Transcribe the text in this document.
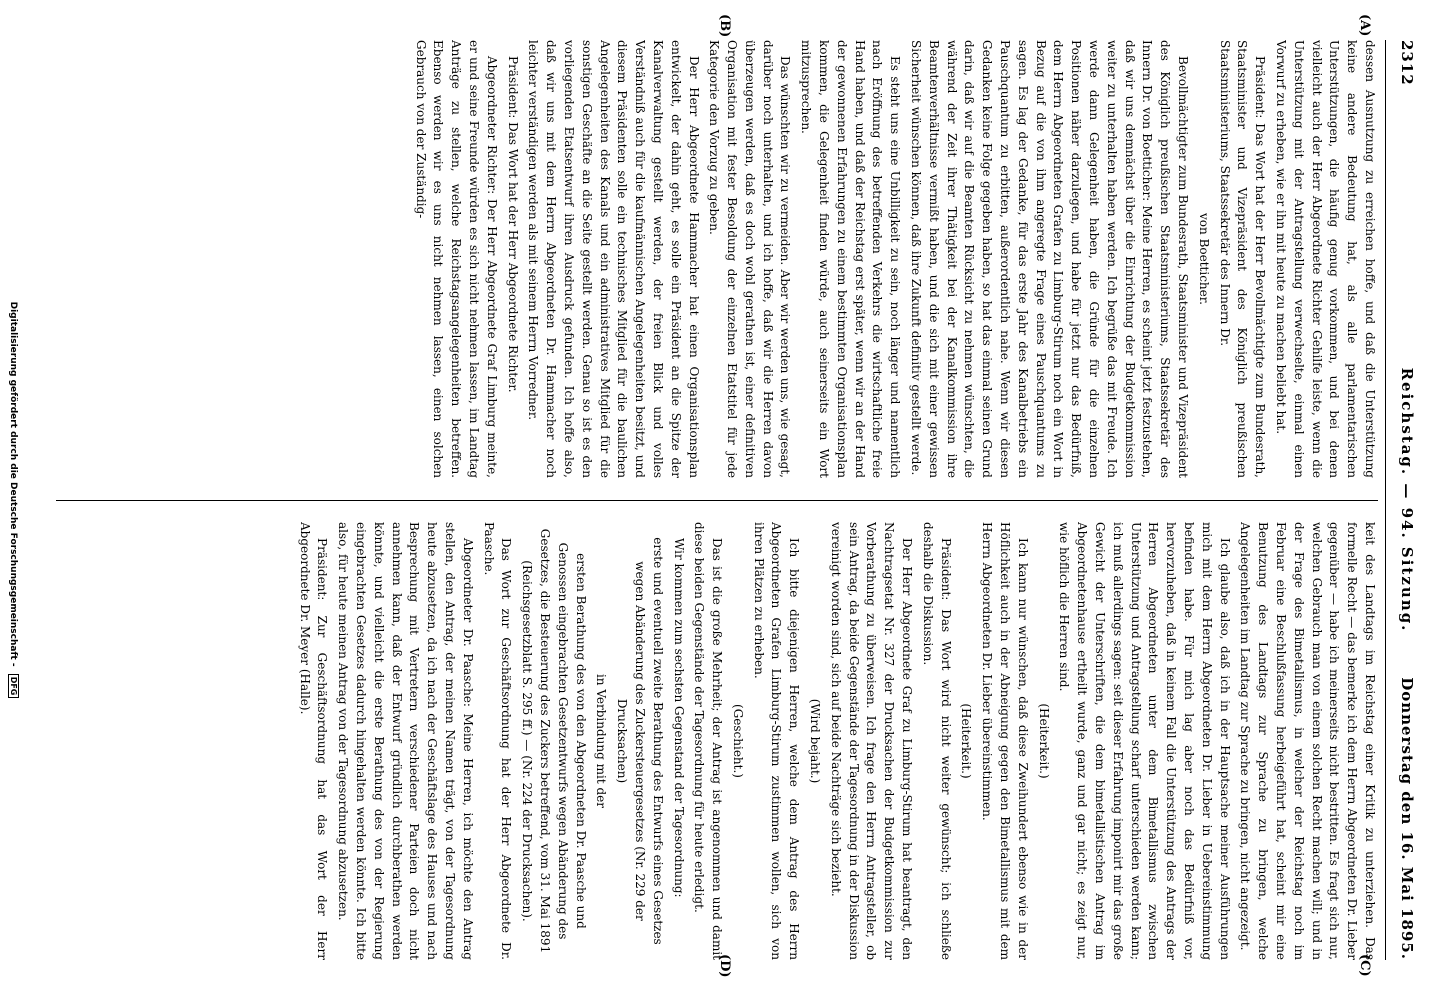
2312
Reichstag. — 94. Sitzung.
Donnerstag den 16. Mai 1895.
(A)
(B)
(C)
(D)

dessen Ausnutzung zu erreichen hoffe, und daß die Unterstützung keine andere Bedeutung hat, als alle parlamentarischen Unterstützungen, die häufig genug vorkommen, und bei denen vielleicht auch der Herr Abgeordnete Richter Gehilfe leiste, wenn die Unterstützung mit der Antragstellung verwechselte, einmal einen Vorwurf zu erheben, wie er ihn mit heute zu machen beliebt hat.

Präsident: Das Wort hat der Herr Bevollmächtigte zum Bundesrath, Staatsminister und Vizepräsident des Königlich preußischen Staatsministeriums, Staatssekretär des Innern Dr.

von Boetticher.

Bevollmächtigter zum Bundesrath, Staatsminister und Vizepräsident des Königlich preußischen Staatsministeriums, Staatssekretär des Innern Dr. von Boetticher: Meine Herren, es scheint jetzt festzustehen, daß wir uns demnächst über die Einrichtung der Budgetkommission weiter zu unterhalten haben werden. Ich begrüße das mit Freude. Ich werde dann Gelegenheit haben, die Gründe für die einzelnen Positionen näher darzulegen, und habe für jetzt nur das Bedürfniß, dem Herrn Abgeordneten Grafen zu Limburg-Stirum noch ein Wort in Bezug auf die von ihm angeregte Frage eines Pauschquantums zu sagen. Es lag der Gedanke, für das erste Jahr des Kanalbetriebs ein Pauschquantum zu erbitten, außerordentlich nahe. Wenn wir diesen Gedanken keine Folge gegeben haben, so hat das einmal seinen Grund darin, daß wir auf die Beamten Rücksicht zu nehmen wünschten, die während der Zeit ihrer Thätigkeit bei der Kanalkommission ihre Beamtenverhältnisse vermißt haben, und die sich mit einer gewissen Sicherheit wünschen können, daß ihre Zukunft definitiv gestellt werde.

Es steht uns eine Unbilligkeit zu sein, noch länger und namentlich nach Eröffnung des betreffenden Verkehrs die wirtschaftliche freie Hand haben, und daß der Reichstag erst später, wenn wir an der Hand der gewonnenen Erfahrungen zu einem bestimmten Organisationsplan kommen, die Gelegenheit finden würde, auch seinerseits ein Wort mitzusprechen.

Das wünschten wir zu vermeiden. Aber wir werden uns, wie gesagt, darüber noch unterhalten, und ich hoffe, daß wir die Herren davon überzeugen werden, daß es doch wohl gerathen ist, einer definitiven Organisation mit fester Besoldung der einzelnen Etatstitel für jede Kategorie den Vorzug zu geben.

Der Herr Abgeordnete Hammacher hat einen Organisationsplan entwickelt, der dahin geht, es solle ein Präsident an die Spitze der Kanalverwaltung gestellt werden, der freien Blick und volles Verständniß auch für die kaufmännischen Angelegenheiten besitzt, und diesem Präsidenten solle ein technisches Mitglied für die baulichen Angelegenheiten des Kanals und ein administratives Mitglied für die sonstigen Geschäfte an die Seite gestellt werden. Genau so ist es den vorliegenden Etatsentwurf ihren Ausdruck gefunden. Ich hoffe also, daß wir uns mit dem Herrn Abgeordneten Dr. Hammacher noch leichter verständigen werden als mit seinem Herrn Vorredner.

Präsident: Das Wort hat der Herr Abgeordnete Richter.

Abgeordneter Richter: Der Herr Abgeordnete Graf Limburg meinte, er und seine Freunde würden es sich nicht nehmen lassen, im Landtag Anträge zu stellen, welche Reichstagsangelegenheiten betreffen. Ebenso werden wir es uns nicht nehmen lassen, einen solchen Gebrauch von der Zuständig-

keit des Landtags im Reichstag einer Kritik zu unterziehen. Das formelle Recht — das bemerke ich dem Herrn Abgeordneten Dr. Lieber gegenüber — habe ich meinerseits nicht bestritten. Es fragt sich nur, welchen Gebrauch man von einem solchen Recht machen will; und in der Frage des Bimetallismus, in welcher der Reichstag noch im Februar eine Beschlußfassung herbeigeführt hat, scheint mir eine Benutzung des Landtags zur Sprache zu bringen, welche Angelegenheiten im Landtag zur Sprache zu bringen, nicht angezeigt.

Ich glaube also, daß ich in der Hauptsache meiner Ausführungen mich mit dem Herrn Abgeordneten Dr. Lieber in Uebereinstimmung befinden habe. Für mich lag aber noch das Bedürfniß vor, hervorzuheben, daß in keinem Fall die Unterstützung des Antrags der Herren Abgeordneten unter dem Bimetallismus zwischen Unterstützung und Antragstellung scharf unterschieden werden kann; ich muß allerdings sagen: seit dieser Erfahrung imponirt mir das große Gewicht der Unterschriften, die dem bimetallistischen Antrag im Abgeordnetenhause ertheilt wurde, ganz und gar nicht; es zeigt nur, wie höflich die Herren sind.

(Heiterkeit.)

Ich kann nur wünschen, daß diese Zweihundert ebenso wie in der Höflichkeit auch in der Abneigung gegen den Bimetallismus mit dem Herrn Abgeordneten Dr. Lieber übereinstimmen.

(Heiterkeit.)

Präsident: Das Wort wird nicht weiter gewünscht; ich schließe deshalb die Diskussion.

Der Herr Abgeordnete Graf zu Limburg-Stirum hat beantragt, den Nachtragsetat Nr. 327 der Drucksachen der Budgetkommission zur Vorberathung zu überweisen. Ich frage den Herrn Antragsteller, ob sein Antrag, da beide Gegenstände der Tagesordnung in der Diskussion vereinigt worden sind, sich auf beide Nachträge sich bezieht.

(Wird bejaht.)

Ich bitte diejenigen Herren, welche dem Antrag des Herrn Abgeordneten Grafen Limburg-Stirum zustimmen wollen, sich von ihren Plätzen zu erheben.

(Geschieht.)

Das ist die große Mehrheit; der Antrag ist angenommen und damit diese beiden Gegenstände der Tagesordnung für heute erledigt.

Wir kommen zum sechsten Gegenstand der Tagesordnung:

erste und eventuell zweite Berathung des Entwurfs eines Gesetzes wegen Abänderung des Zuckersteuergesetzes (Nr. 229 der Drucksachen)

in Verbindung mit der

ersten Berathung des von den Abgeordneten Dr. Paasche und Genossen eingebrachten Gesetzentwurfs wegen Abänderung des Gesetzes, die Besteuerung des Zuckers betreffend, vom 31. Mai 1891 (Reichsgesetzblatt S. 295 ff.) — (Nr. 224 der Drucksachen).

Das Wort zur Geschäftsordnung hat der Herr Abgeordnete Dr. Paasche.

Abgeordneter Dr. Paasche: Meine Herren, ich möchte den Antrag stellen, den Antrag, der meinen Namen trägt, von der Tagesordnung heute abzusetzen, da ich nach der Geschäftslage des Hauses und nach Besprechung mit Vertretern verschiedener Parteien doch nicht annehmen kann, daß der Entwurf gründlich durchberathen werden könnte, und vielleicht die erste Berathung des von der Regierung eingebrachten Gesetzes dadurch hingehalten werden könnte. Ich bitte also, für heute meinen Antrag von der Tagesordnung abzusetzen.

Präsident: Zur Geschäftsordnung hat das Wort der Herr Abgeordnete Dr. Meyer (Halle).

Digitalisierung gefördert durch die Deutsche Forschungsgemeinschaft - DFG
